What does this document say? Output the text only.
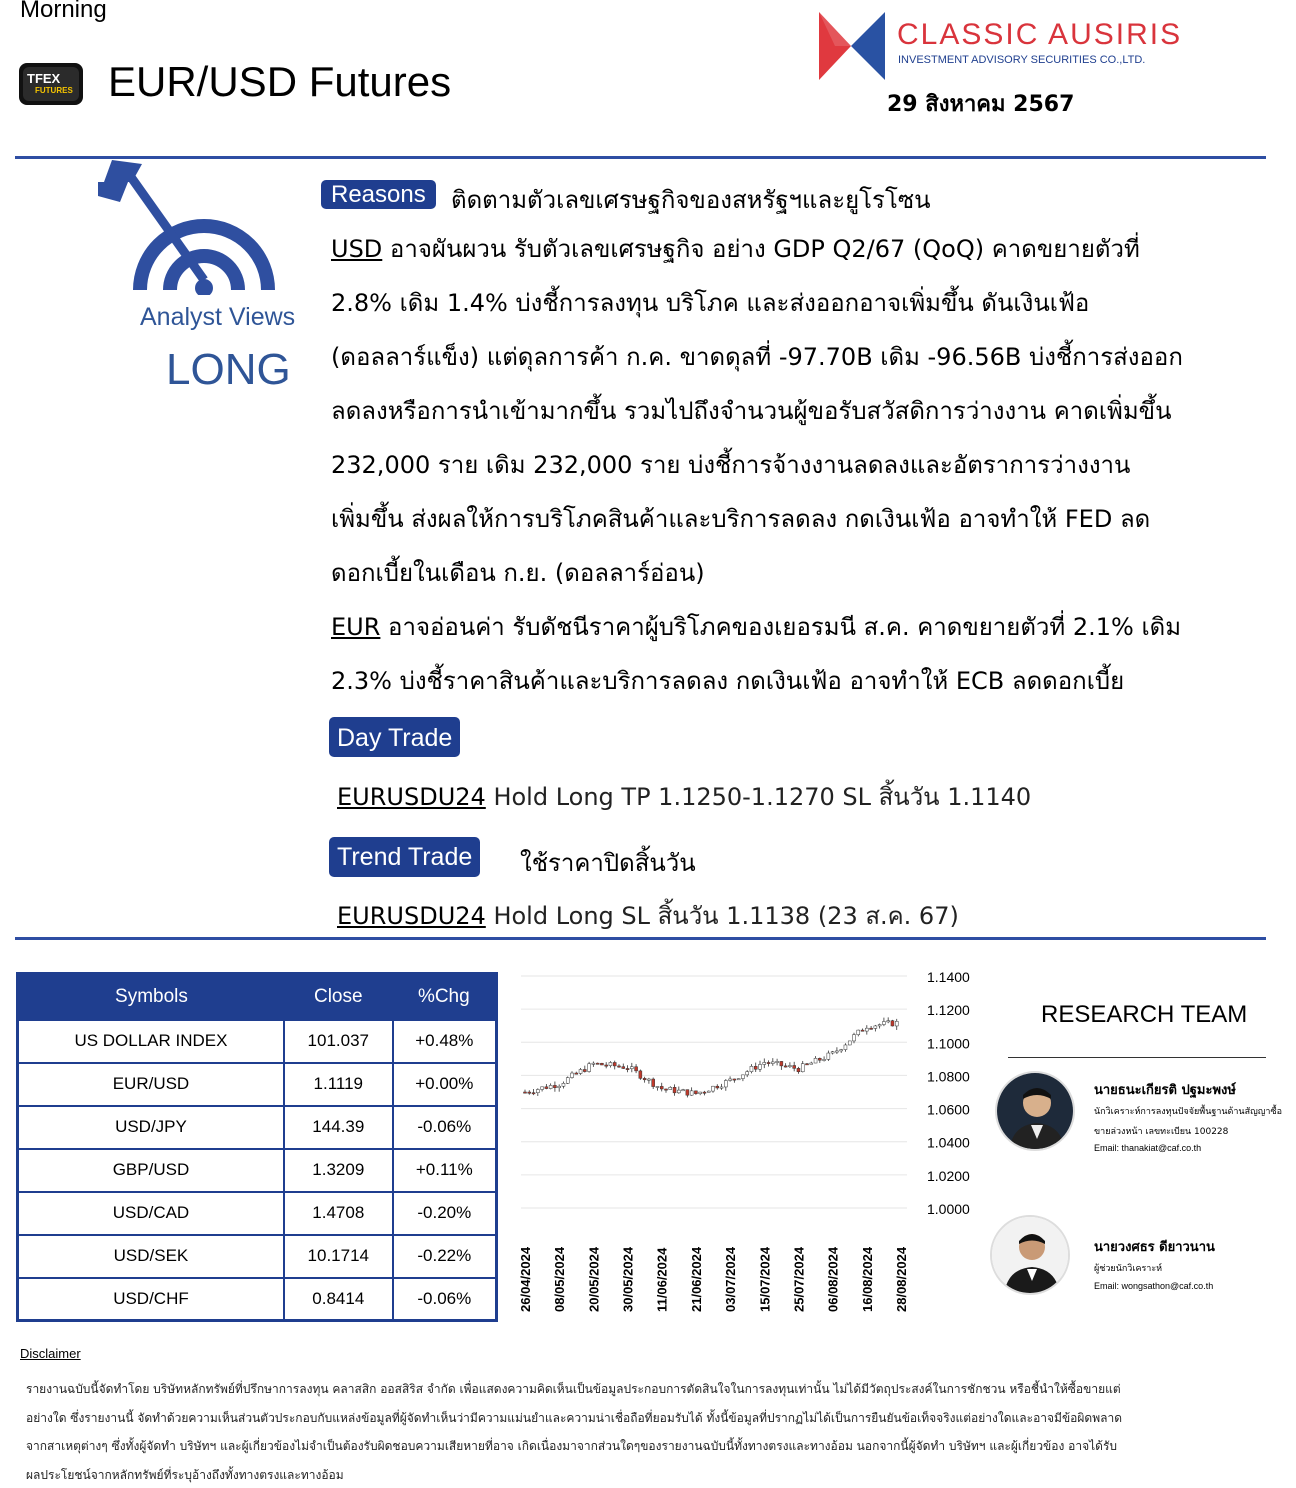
Morning
TFEX
FUTURES EUR/USD Futures
CLASSIC AUSIRIS
INVESTMENT ADVISORY SECURITIES CO.,LTD.
29 สิงหาคม 2567
Analyst Views
LONG
Reasons	ติดตามตัวเลขเศรษฐกิจของสหรัฐฯและยูโรโซน
USD อาจผันผวน รับตัวเลขเศรษฐกิจ อย่าง GDP Q2/67 (QoQ) คาดขยายตัวที่
2.8% เดิม 1.4% บ่งชี้การลงทุน บริโภค และส่งออกอาจเพิ่มขึ้น ดันเงินเฟ้อ
(ดอลลาร์แข็ง) แต่ดุลการค้า ก.ค. ขาดดุลที่ -97.70B เดิม -96.56B บ่งชี้การส่งออก
ลดลงหรือการนำเข้ามากขึ้น รวมไปถึงจำนวนผู้ขอรับสวัสดิการว่างงาน คาดเพิ่มขึ้น
232,000 ราย เดิม 232,000 ราย บ่งชี้การจ้างงานลดลงและอัตราการว่างงาน
เพิ่มขึ้น ส่งผลให้การบริโภคสินค้าและบริการลดลง กดเงินเฟ้อ อาจทำให้ FED ลด
ดอกเบี้ยในเดือน ก.ย. (ดอลลาร์อ่อน)
EUR อาจอ่อนค่า รับดัชนีราคาผู้บริโภคของเยอรมนี ส.ค. คาดขยายตัวที่ 2.1% เดิม
2.3% บ่งชี้ราคาสินค้าและบริการลดลง กดเงินเฟ้อ อาจทำให้ ECB ลดดอกเบี้ย
Day Trade
EURUSDU24 Hold Long TP 1.1250-1.1270 SL สิ้นวัน 1.1140
Trend Trade	ใช้ราคาปิดสิ้นวัน
EURUSDU24 Hold Long SL สิ้นวัน 1.1138 (23 ส.ค. 67)
Symbols	Close	%Chg
US DOLLAR INDEX	101.037	+0.48%
EUR/USD	1.1119	+0.00%
USD/JPY	144.39	-0.06%
GBP/USD	1.3209	+0.11%
USD/CAD	1.4708	-0.20%
USD/SEK	10.1714	-0.22%
USD/CHF	0.8414	-0.06%
1.1400
1.1200
1.1000
1.0800
1.0600
1.0400
1.0200
1.0000
26/04/2024 08/05/2024 20/05/2024 30/05/2024 11/06/2024 21/06/2024 03/07/2024 15/07/2024 25/07/2024 06/08/2024 16/08/2024 28/08/2024
RESEARCH TEAM
นายธนะเกียรติ ปฐมะพงษ์
นักวิเคราะห์การลงทุนปัจจัยพื้นฐานด้านสัญญาซื้อ
ขายล่วงหน้า เลขทะเบียน 100228
Email: thanakiat@caf.co.th
นายวงศธร ดียาวนาน
ผู้ช่วยนักวิเคราะห์
Email: wongsathon@caf.co.th
Disclaimer
รายงานฉบับนี้จัดทำโดย บริษัทหลักทรัพย์ที่ปรึกษาการลงทุน คลาสสิก ออสสิริส จำกัด เพื่อแสดงความคิดเห็นเป็นข้อมูลประกอบการตัดสินใจในการลงทุนเท่านั้น ไม่ได้มีวัตถุประสงค์ในการชักชวน หรือชี้นำให้ซื้อขายแต่
อย่างใด ซึ่งรายงานนี้ จัดทำด้วยความเห็นส่วนตัวประกอบกับแหล่งข้อมูลที่ผู้จัดทำเห็นว่ามีความแม่นยำและความน่าเชื่อถือที่ยอมรับได้ ทั้งนี้ข้อมูลที่ปรากฏไม่ได้เป็นการยืนยันข้อเท็จจริงแต่อย่างใดและอาจมีข้อผิดพลาด
จากสาเหตุต่างๆ ซึ่งทั้งผู้จัดทำ บริษัทฯ และผู้เกี่ยวข้องไม่จำเป็นต้องรับผิดชอบความเสียหายที่อาจ เกิดเนื่องมาจากส่วนใดๆของรายงานฉบับนี้ทั้งทางตรงและทางอ้อม นอกจากนี้ผู้จัดทำ บริษัทฯ และผู้เกี่ยวข้อง อาจได้รับ
ผลประโยชน์จากหลักทรัพย์ที่ระบุอ้างถึงทั้งทางตรงและทางอ้อม
